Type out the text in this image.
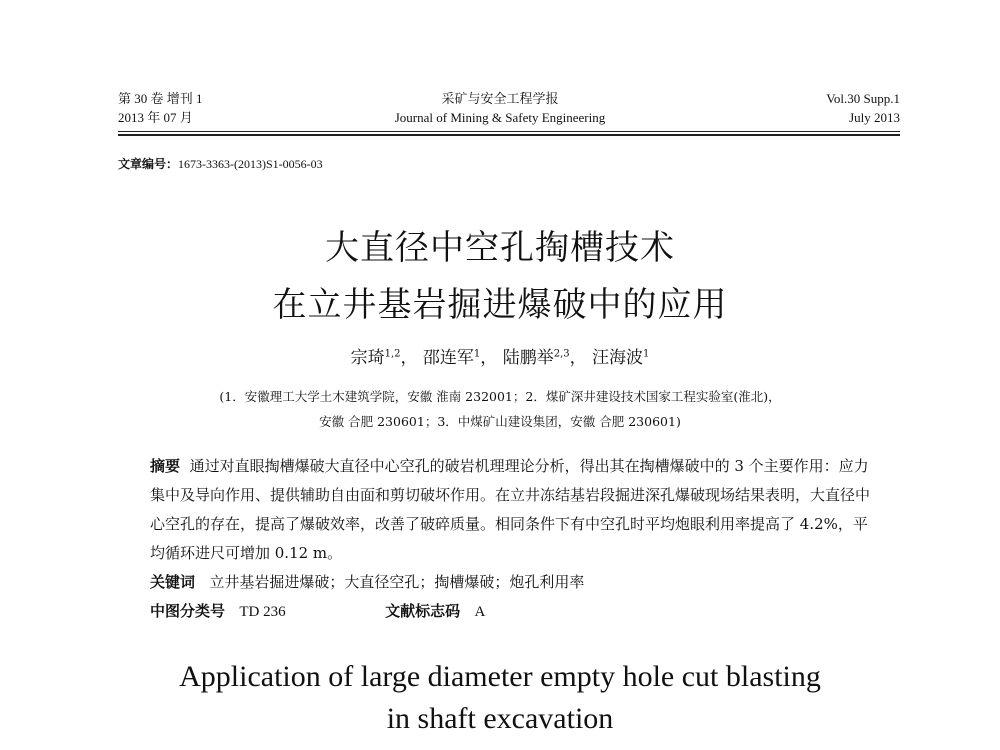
第 30 卷 增刊 1
2013 年 07 月
采矿与安全工程学报
Journal of Mining & Safety Engineering
Vol.30 Supp.1
July 2013
文章编号：1673-3363-(2013)S1-0056-03
大直径中空孔掏槽技术
在立井基岩掘进爆破中的应用
宗琦$^{1,2}$， 邵连军$^1$， 陆鹏举$^{2,3}$， 汪海波$^1$
(1．安徽理工大学土木建筑学院，安徽 淮南 232001；2．煤矿深井建设技术国家工程实验室(淮北)，
安徽 合肥 230601；3．中煤矿山建设集团，安徽 合肥 230601)
摘要 通过对直眼掏槽爆破大直径中心空孔的破岩机理理论分析，得出其在掏槽爆破中的 3 个主要作用：应力集中及导向作用、提供辅助自由面和剪切破坏作用。在立井冻结基岩段掘进深孔爆破现场结果表明，大直径中心空孔的存在，提高了爆破效率，改善了破碎质量。相同条件下有中空孔时平均炮眼利用率提高了 4.2%，平均循环进尺可增加 0.12 m。
关键词 立井基岩掘进爆破；大直径空孔；掏槽爆破；炮孔利用率
中图分类号 TD 236	文献标志码 A
Application of large diameter empty hole cut blasting
in shaft excavation
